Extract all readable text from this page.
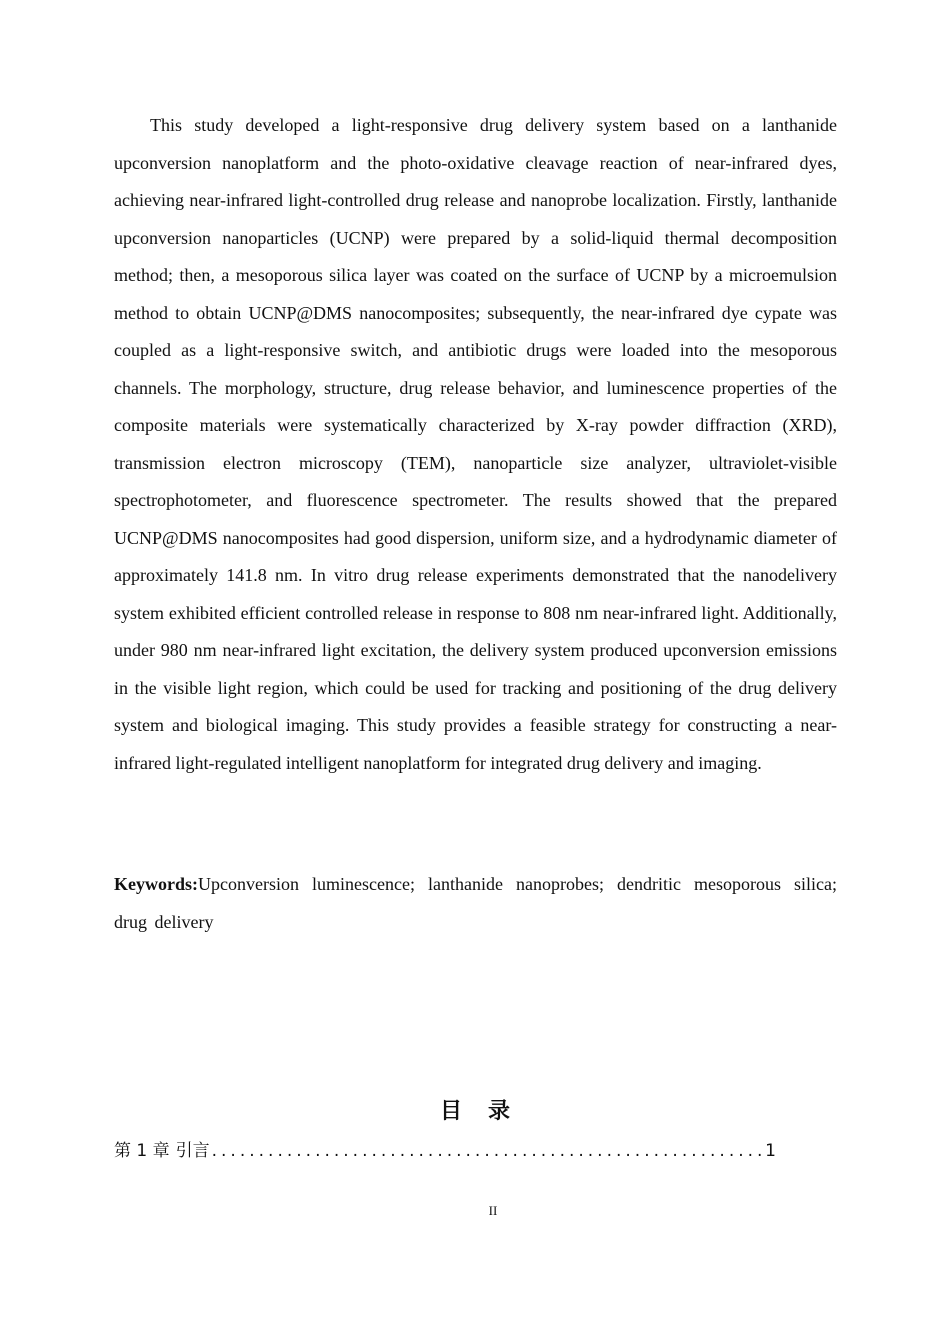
This study developed a light-responsive drug delivery system based on a lanthanide upconversion nanoplatform and the photo-oxidative cleavage reaction of near-infrared dyes, achieving near-infrared light-controlled drug release and nanoprobe localization. Firstly, lanthanide upconversion nanoparticles (UCNP) were prepared by a solid-liquid thermal decomposition method; then, a mesoporous silica layer was coated on the surface of UCNP by a microemulsion method to obtain UCNP@DMS nanocomposites; subsequently, the near-infrared dye cypate was coupled as a light-responsive switch, and antibiotic drugs were loaded into the mesoporous channels. The morphology, structure, drug release behavior, and luminescence properties of the composite materials were systematically characterized by X-ray powder diffraction (XRD), transmission electron microscopy (TEM), nanoparticle size analyzer, ultraviolet-visible spectrophotometer, and fluorescence spectrometer. The results showed that the prepared UCNP@DMS nanocomposites had good dispersion, uniform size, and a hydrodynamic diameter of approximately 141.8 nm. In vitro drug release experiments demonstrated that the nanodelivery system exhibited efficient controlled release in response to 808 nm near-infrared light. Additionally, under 980 nm near-infrared light excitation, the delivery system produced upconversion emissions in the visible light region, which could be used for tracking and positioning of the drug delivery system and biological imaging. This study provides a feasible strategy for constructing a near-infrared light-regulated intelligent nanoplatform for integrated drug delivery and imaging.

Keywords:Upconversion luminescence; lanthanide nanoprobes; dendritic mesoporous silica; drug delivery

目录
第 1 章 引言
.....	1
II
